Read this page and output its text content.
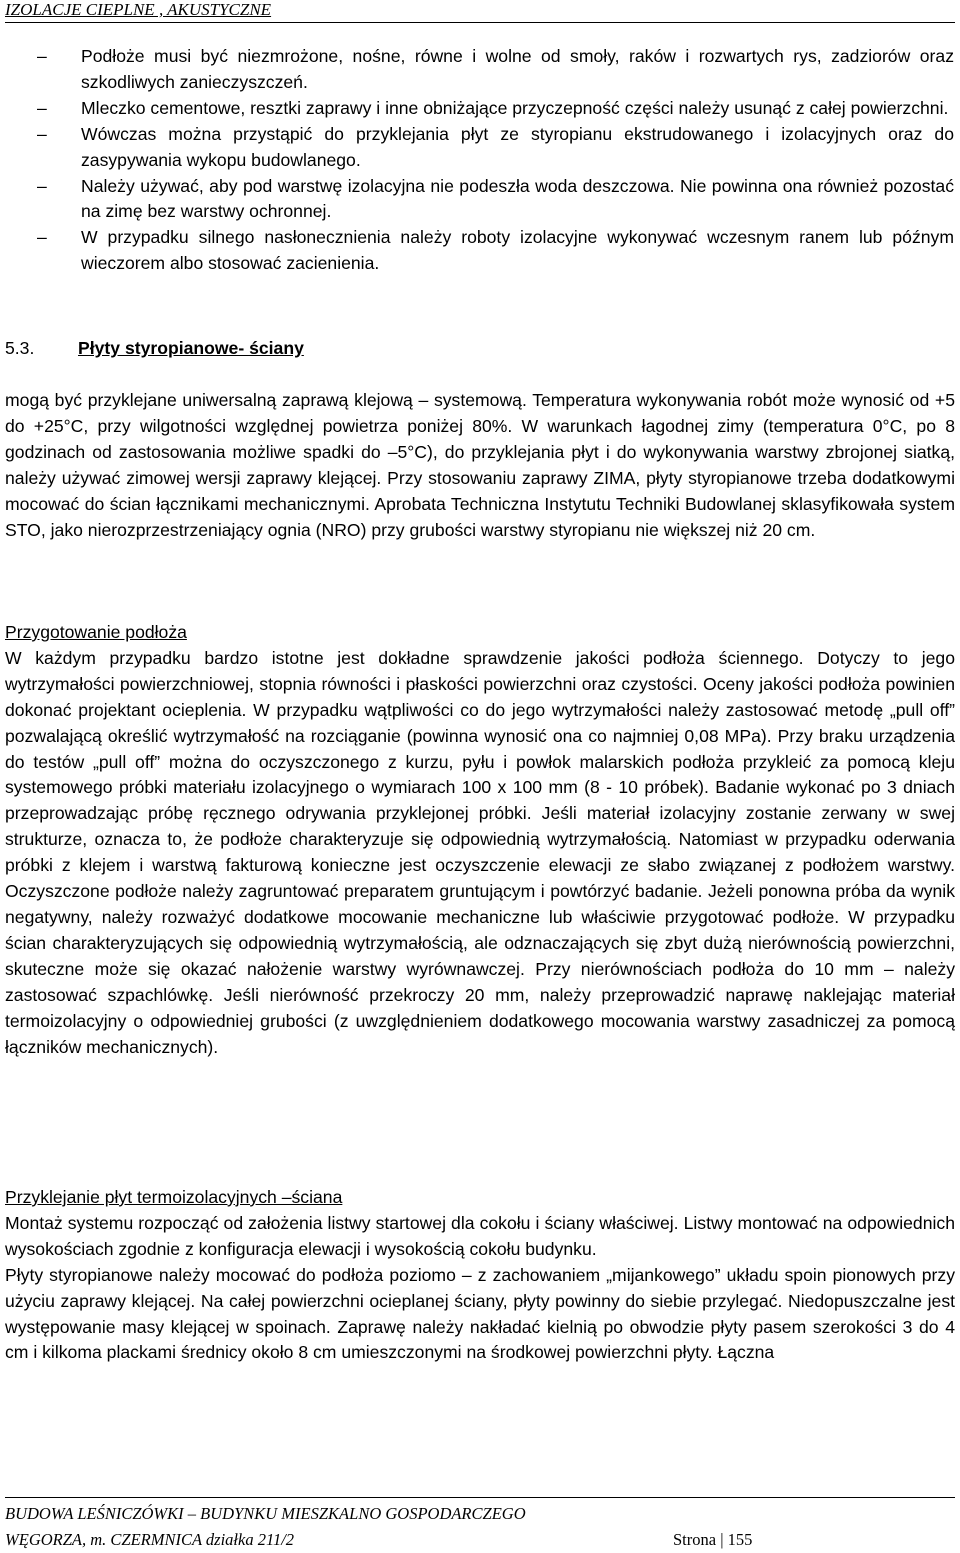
IZOLACJE CIEPLNE , AKUSTYCZNE
–	Podłoże musi być niezmrożone, nośne, równe i wolne od smoły, raków i rozwartych rys, zadziorów oraz szkodliwych zanieczyszczeń.
–	Mleczko cementowe, resztki zaprawy i inne obniżające przyczepność części należy usunąć z całej powierzchni.
–	Wówczas można przystąpić do przyklejania płyt ze styropianu ekstrudowanego i izolacyjnych oraz do zasypywania wykopu budowlanego.
–	Należy używać, aby pod warstwę izolacyjna nie podeszła woda deszczowa. Nie powinna ona również pozostać na zimę bez warstwy ochronnej.
–	W przypadku silnego nasłonecznienia należy roboty izolacyjne wykonywać wczesnym ranem lub późnym wieczorem albo stosować zacienienia.
5.3. Płyty styropianowe- ściany
mogą być przyklejane uniwersalną zaprawą klejową – systemową. Temperatura wykonywania robót może wynosić od +5 do +25°C, przy wilgotności względnej powietrza poniżej 80%. W warunkach łagodnej zimy (temperatura 0°C, po 8 godzinach od zastosowania możliwe spadki do –5°C), do przyklejania płyt i do wykonywania warstwy zbrojonej siatką, należy używać zimowej wersji zaprawy klejącej. Przy stosowaniu zaprawy ZIMA, płyty styropianowe trzeba dodatkowymi mocować do ścian łącznikami mechanicznymi. Aprobata Techniczna Instytutu Techniki Budowlanej sklasyfikowała system STO, jako nierozprzestrzeniający ognia (NRO) przy grubości warstwy styropianu nie większej niż 20 cm.
Przygotowanie podłoża
W każdym przypadku bardzo istotne jest dokładne sprawdzenie jakości podłoża ściennego. Dotyczy to jego wytrzymałości powierzchniowej, stopnia równości i płaskości powierzchni oraz czystości. Oceny jakości podłoża powinien dokonać projektant ocieplenia. W przypadku wątpliwości co do jego wytrzymałości należy zastosować metodę „pull off” pozwalającą określić wytrzymałość na rozciąganie (powinna wynosić ona co najmniej 0,08 MPa). Przy braku urządzenia do testów „pull off” można do oczyszczonego z kurzu, pyłu i powłok malarskich podłoża przykleić za pomocą kleju systemowego próbki materiału izolacyjnego o wymiarach 100 x 100 mm (8 - 10 próbek). Badanie wykonać po 3 dniach przeprowadzając próbę ręcznego odrywania przyklejonej próbki. Jeśli materiał izolacyjny zostanie zerwany w swej strukturze, oznacza to, że podłoże charakteryzuje się odpowiednią wytrzymałością. Natomiast w przypadku oderwania próbki z klejem i warstwą fakturową konieczne jest oczyszczenie elewacji ze słabo związanej z podłożem warstwy. Oczyszczone podłoże należy zagruntować preparatem gruntującym i powtórzyć badanie. Jeżeli ponowna próba da wynik negatywny, należy rozważyć dodatkowe mocowanie mechaniczne lub właściwie przygotować podłoże. W przypadku ścian charakteryzujących się odpowiednią wytrzymałością, ale odznaczających się zbyt dużą nierównością powierzchni, skuteczne może się okazać nałożenie warstwy wyrównawczej. Przy nierównościach podłoża do 10 mm – należy zastosować szpachlówkę. Jeśli nierówność przekroczy 20 mm, należy przeprowadzić naprawę naklejając materiał termoizolacyjny o odpowiedniej grubości (z uwzględnieniem dodatkowego mocowania warstwy zasadniczej za pomocą łączników mechanicznych).
Przyklejanie płyt termoizolacyjnych –ściana
Montaż systemu rozpocząć od założenia listwy startowej dla cokołu i ściany właściwej. Listwy montować na odpowiednich wysokościach zgodnie z konfiguracja elewacji i wysokością cokołu budynku.
Płyty styropianowe należy mocować do podłoża poziomo – z zachowaniem „mijankowego” układu spoin pionowych przy użyciu zaprawy klejącej. Na całej powierzchni ocieplanej ściany, płyty powinny do siebie przylegać. Niedopuszczalne jest występowanie masy klejącej w spoinach. Zaprawę należy nakładać kielnią po obwodzie płyty pasem szerokości 3 do 4 cm i kilkoma plackami średnicy około 8 cm umieszczonymi na środkowej powierzchni płyty. Łączna
BUDOWA LEŚNICZÓWKI – BUDYNKU MIESZKALNO GOSPODARCZEGO
WĘGORZA, m. CZERMNICA działka 211/2	Strona | 155
